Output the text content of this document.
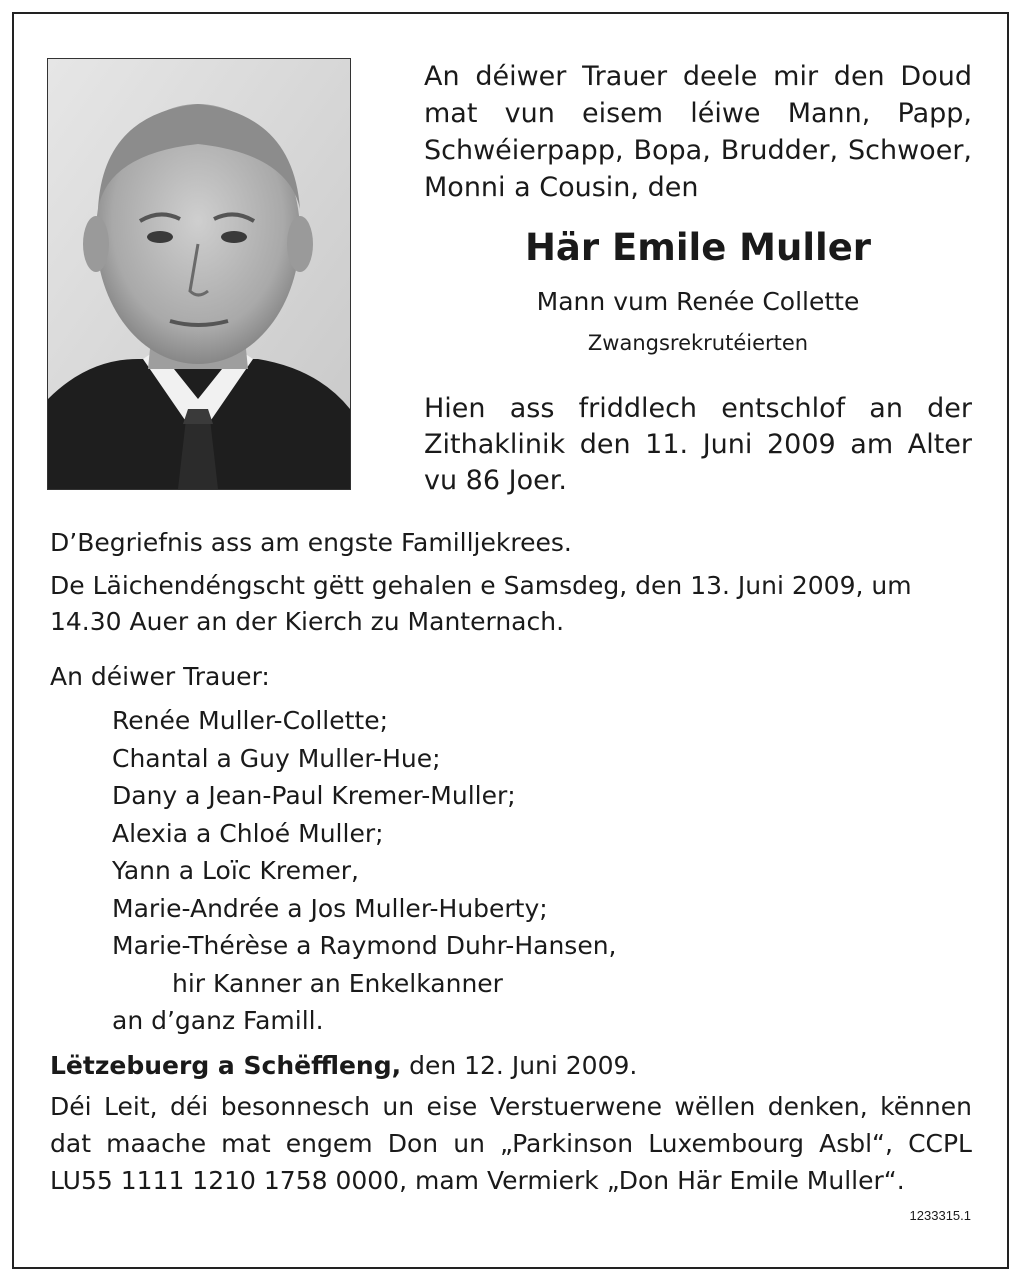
An déiwer Trauer deele mir den Doud mat vun eisem léiwe Mann, Papp, Schwéierpapp, Bopa, Brudder, Schwoer, Monni a Cousin, den
Här Emile Muller
Mann vum Renée Collette
Zwangsrekrutéierten
Hien ass friddlech entschlof an der Zithaklinik den 11. Juni 2009 am Alter vu 86 Joer.
D’Begriefnis ass am engste Familljekrees.
De Läichendéngscht gëtt gehalen e Samsdeg, den 13. Juni 2009, um 14.30 Auer an der Kierch zu Manternach.
An déiwer Trauer:
Renée Muller-Collette;
Chantal a Guy Muller-Hue;
Dany a Jean-Paul Kremer-Muller;
Alexia a Chloé Muller;
Yann a Loïc Kremer,
Marie-Andrée a Jos Muller-Huberty;
Marie-Thérèse a Raymond Duhr-Hansen,
hir Kanner an Enkelkanner
an d’ganz Famill.
Lëtzebuerg a Schëffleng, den 12. Juni 2009.
Déi Leit, déi besonnesch un eise Verstuerwene wëllen denken, kënnen dat maache mat engem Don un „Parkinson Luxembourg Asbl“, CCPL LU55 1111 1210 1758 0000, mam Vermierk „Don Här Emile Muller“.
1233315.1
